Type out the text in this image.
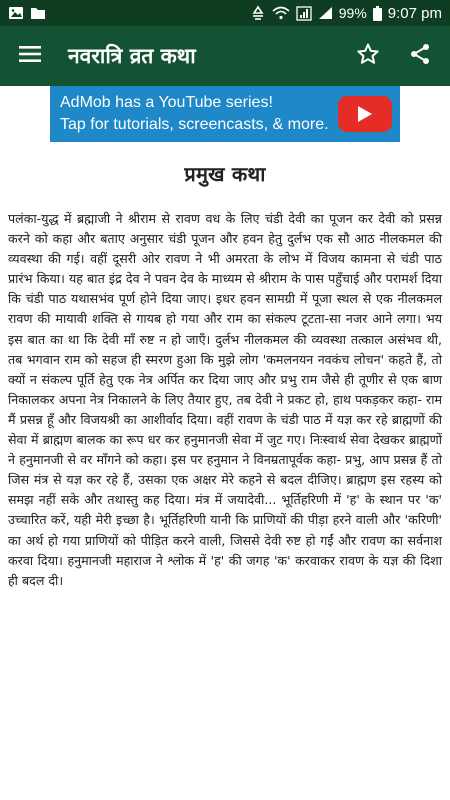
99% 9:07 pm
नवरात्रि व्रत कथा
AdMob has a YouTube series!
Tap for tutorials, screencasts, & more.
प्रमुख कथा

पलंका-युद्ध में ब्रह्माजी ने श्रीराम से रावण वध के लिए चंडी देवी का पूजन कर देवी को प्रसन्न करने को कहा और बताए अनुसार चंडी पूजन और हवन हेतु दुर्लभ एक सौ आठ नीलकमल की व्यवस्था की गई। वहीं दूसरी ओर रावण ने भी अमरता के लोभ में विजय कामना से चंडी पाठ प्रारंभ किया। यह बात इंद्र देव ने पवन देव के माध्यम से श्रीराम के पास पहुँचाई और परामर्श दिया कि चंडी पाठ यथासभंव पूर्ण होने दिया जाए। इधर हवन सामग्री में पूजा स्थल से एक नीलकमल रावण की मायावी शक्ति से गायब हो गया और राम का संकल्प टूटता-सा नजर आने लगा। भय इस बात का था कि देवी माँ रुष्ट न हो जाएँ। दुर्लभ नीलकमल की व्यवस्था तत्काल असंभव थी, तब भगवान राम को सहज ही स्मरण हुआ कि मुझे लोग 'कमलनयन नवकंच लोचन' कहते हैं, तो क्यों न संकल्प पूर्ति हेतु एक नेत्र अर्पित कर दिया जाए और प्रभु राम जैसे ही तूणीर से एक बाण निकालकर अपना नेत्र निकालने के लिए तैयार हुए, तब देवी ने प्रकट हो, हाथ पकड़कर कहा- राम मैं प्रसन्न हूँ और विजयश्री का आशीर्वाद दिया। वहीं रावण के चंडी पाठ में यज्ञ कर रहे ब्राह्मणों की सेवा में ब्राह्मण बालक का रूप धर कर हनुमानजी सेवा में जुट गए। निःस्वार्थ सेवा देखकर ब्राह्मणों ने हनुमानजी से वर माँगने को कहा। इस पर हनुमान ने विनम्रतापूर्वक कहा- प्रभु, आप प्रसन्न हैं तो जिस मंत्र से यज्ञ कर रहे हैं, उसका एक अक्षर मेरे कहने से बदल दीजिए। ब्राह्मण इस रहस्य को समझ नहीं सके और तथास्तु कह दिया। मंत्र में जयादेवी... भूर्तिहरिणी में 'ह' के स्थान पर 'क' उच्चारित करें, यही मेरी इच्छा है। भूर्तिहरिणी यानी कि प्राणियों की पीड़ा हरने वाली और 'करिणी' का अर्थ हो गया प्राणियों को पीड़ित करने वाली, जिससे देवी रुष्ट हो गईं और रावण का सर्वनाश करवा दिया। हनुमानजी महाराज ने श्लोक में 'ह' की जगह 'क' करवाकर रावण के यज्ञ की दिशा ही बदल दी।
